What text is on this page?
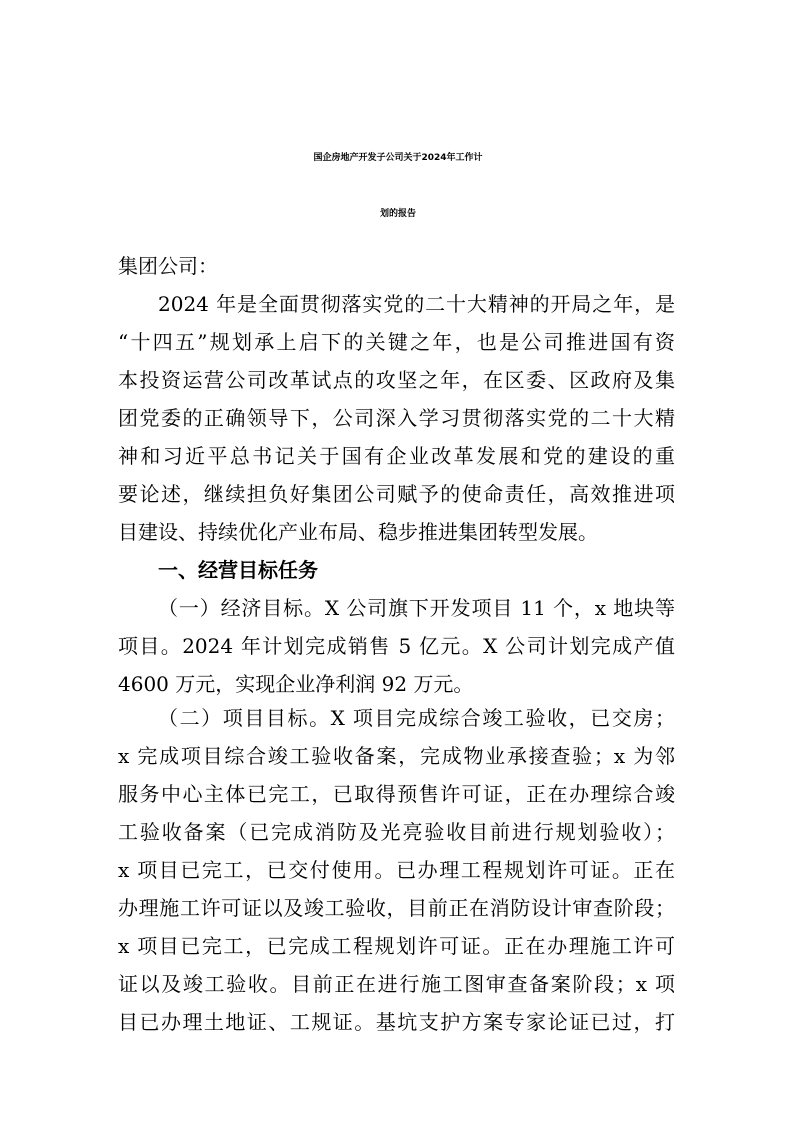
国企房地产开发子公司关于2024年工作计
划的报告
集团公司：
2024 年是全面贯彻落实党的二十大精神的开局之年，是
“十四五”规划承上启下的关键之年，也是公司推进国有资
本投资运营公司改革试点的攻坚之年，在区委、区政府及集
团党委的正确领导下，公司深入学习贯彻落实党的二十大精
神和习近平总书记关于国有企业改革发展和党的建设的重
要论述，继续担负好集团公司赋予的使命责任，高效推进项
目建设、持续优化产业布局、稳步推进集团转型发展。
一、经营目标任务
（一）经济目标。X 公司旗下开发项目 11 个，x 地块等
项目。2024 年计划完成销售 5 亿元。X 公司计划完成产值
4600 万元，实现企业净利润 92 万元。
（二）项目目标。X 项目完成综合竣工验收，已交房；
x 完成项目综合竣工验收备案，完成物业承接查验；x 为邻
服务中心主体已完工，已取得预售许可证，正在办理综合竣
工验收备案（已完成消防及光亮验收目前进行规划验收）；
x 项目已完工，已交付使用。已办理工程规划许可证。正在
办理施工许可证以及竣工验收，目前正在消防设计审查阶段；
x 项目已完工，已完成工程规划许可证。正在办理施工许可
证以及竣工验收。目前正在进行施工图审查备案阶段；x 项
目已办理土地证、工规证。基坑支护方案专家论证已过，打
